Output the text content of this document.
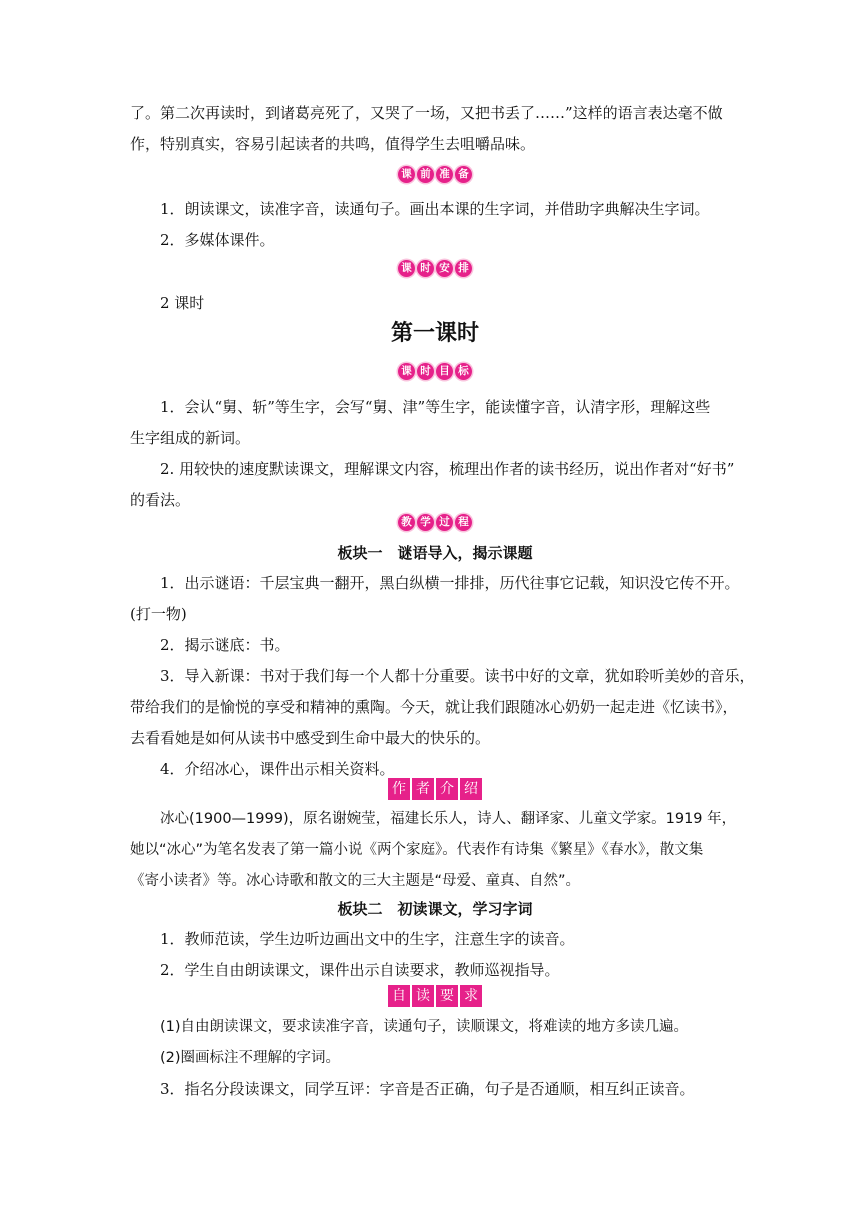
了。第二次再读时，到诸葛亮死了，又哭了一场，又把书丢了……”这样的语言表达毫不做
作，特别真实，容易引起读者的共鸣，值得学生去咀嚼品味。
课 前 准 备
1．朗读课文，读准字音，读通句子。画出本课的生字词，并借助字典解决生字词。
2．多媒体课件。
课 时 安 排
2 课时
第一课时
课 时 目 标
1．会认“舅、斩”等生字，会写“舅、津”等生字，能读懂字音，认清字形，理解这些
生字组成的新词。
2. 用较快的速度默读课文，理解课文内容，梳理出作者的读书经历，说出作者对“好书”
的看法。
教 学 过 程
板块一　谜语导入，揭示课题
1．出示谜语：千层宝典一翻开，黑白纵横一排排，历代往事它记载，知识没它传不开。
(打一物)
2．揭示谜底：书。
3．导入新课：书对于我们每一个人都十分重要。读书中好的文章，犹如聆听美妙的音乐，
带给我们的是愉悦的享受和精神的熏陶。今天，就让我们跟随冰心奶奶一起走进《忆读书》，
去看看她是如何从读书中感受到生命中最大的快乐的。
4．介绍冰心，课件出示相关资料。
作 者 介 绍
冰心(1900—1999)，原名谢婉莹，福建长乐人，诗人、翻译家、儿童文学家。1919 年，
她以“冰心”为笔名发表了第一篇小说《两个家庭》。代表作有诗集《繁星》《春水》，散文集
《寄小读者》等。冰心诗歌和散文的三大主题是“母爱、童真、自然”。
板块二　初读课文，学习字词
1．教师范读，学生边听边画出文中的生字，注意生字的读音。
2．学生自由朗读课文，课件出示自读要求，教师巡视指导。
自 读 要 求
(1)自由朗读课文，要求读准字音，读通句子，读顺课文，将难读的地方多读几遍。
(2)圈画标注不理解的字词。
3．指名分段读课文，同学互评：字音是否正确，句子是否通顺，相互纠正读音。
